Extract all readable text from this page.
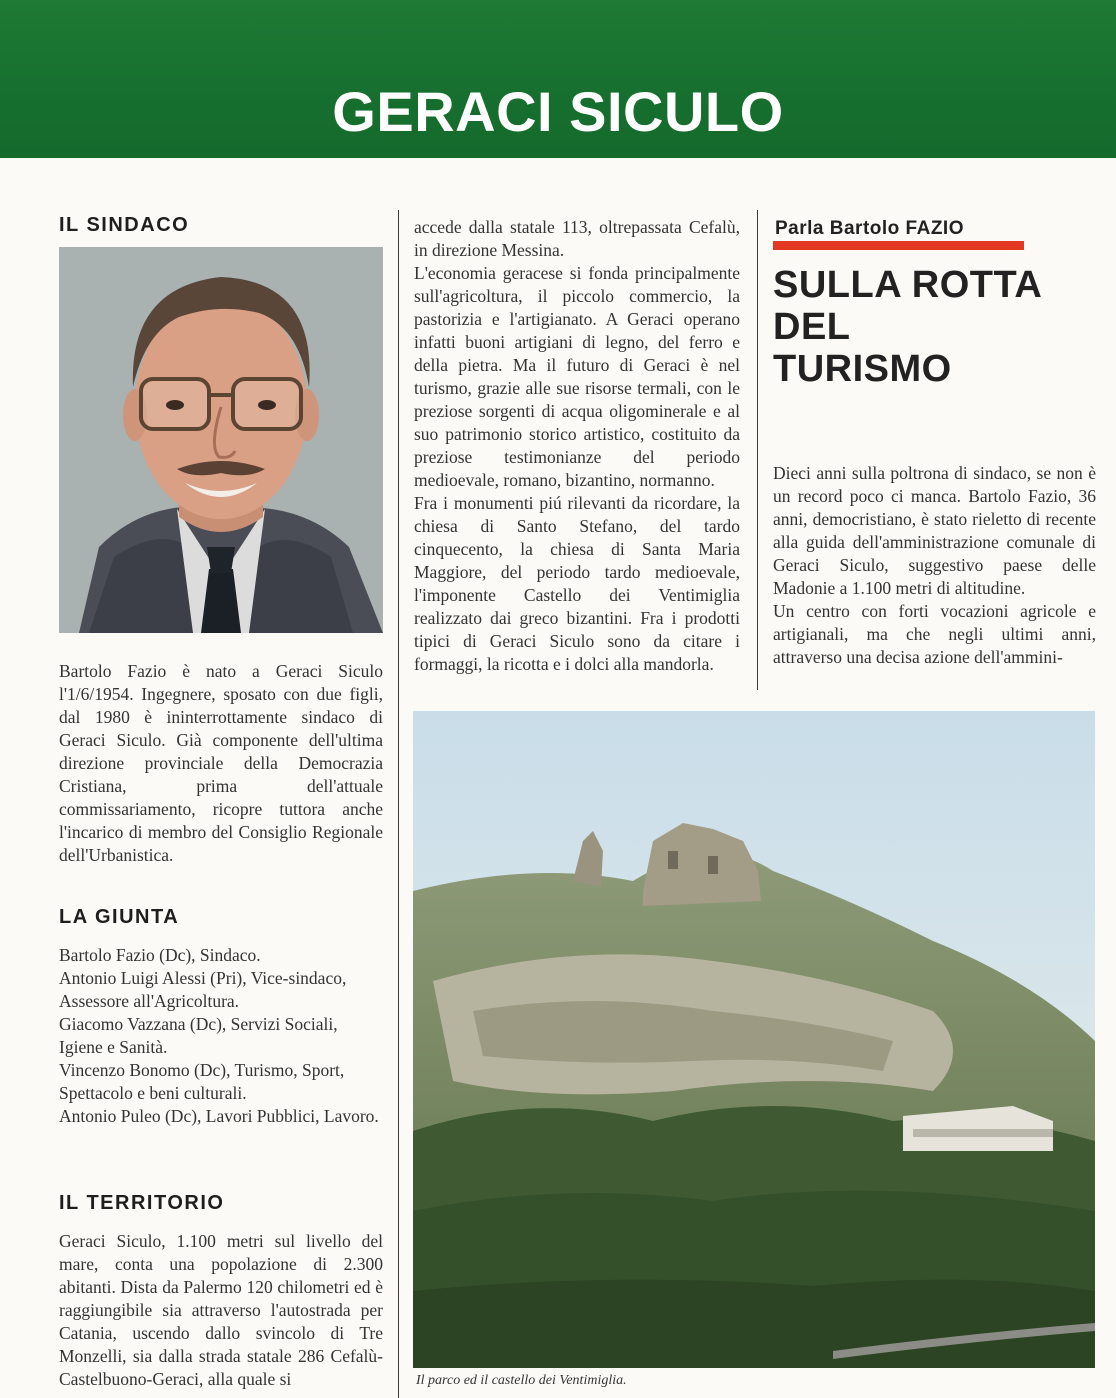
GERACI SICULO
IL SINDACO
Bartolo Fazio è nato a Geraci Siculo l'1/6/1954. Ingegnere, sposato con due figli, dal 1980 è ininterrottamente sindaco di Geraci Siculo. Già componente dell'ultima direzione provinciale della Democrazia Cristiana, prima dell'attuale commissariamento, ricopre tuttora anche l'incarico di membro del Consiglio Regionale dell'Urbanistica.
LA GIUNTA
Bartolo Fazio (Dc), Sindaco.
Antonio Luigi Alessi (Pri), Vice-sindaco, Assessore all'Agricoltura.
Giacomo Vazzana (Dc), Servizi Sociali, Igiene e Sanità.
Vincenzo Bonomo (Dc), Turismo, Sport, Spettacolo e beni culturali.
Antonio Puleo (Dc), Lavori Pubblici, Lavoro.
IL TERRITORIO
Geraci Siculo, 1.100 metri sul livello del mare, conta una popolazione di 2.300 abitanti. Dista da Palermo 120 chilometri ed è raggiungibile sia attraverso l'autostrada per Catania, uscendo dallo svincolo di Tre Monzelli, sia dalla strada statale 286 Cefalù-Castelbuono-Geraci, alla quale si

accede dalla statale 113, oltrepassata Cefalù, in direzione Messina.

L'economia geracese si fonda principalmente sull'agricoltura, il piccolo commercio, la pastorizia e l'artigianato. A Geraci operano infatti buoni artigiani di legno, del ferro e della pietra. Ma il futuro di Geraci è nel turismo, grazie alle sue risorse termali, con le preziose sorgenti di acqua oligominerale e al suo patrimonio storico artistico, costituito da preziose testimonianze del periodo medioevale, romano, bizantino, normanno.

Fra i monumenti piú rilevanti da ricordare, la chiesa di Santo Stefano, del tardo cinquecento, la chiesa di Santa Maria Maggiore, del periodo tardo medioevale, l'imponente Castello dei Ventimiglia realizzato dai greco bizantini. Fra i prodotti tipici di Geraci Siculo sono da citare i formaggi, la ricotta e i dolci alla mandorla.

Parla Bartolo FAZIO
SULLA ROTTA
DEL
TURISMO

Dieci anni sulla poltrona di sindaco, se non è un record poco ci manca. Bartolo Fazio, 36 anni, democristiano, è stato rieletto di recente alla guida dell'amministrazione comunale di Geraci Siculo, suggestivo paese delle Madonie a 1.100 metri di altitudine.

Un centro con forti vocazioni agricole e artigianali, ma che negli ultimi anni, attraverso una decisa azione dell'ammini-

Il parco ed il castello dei Ventimiglia.
